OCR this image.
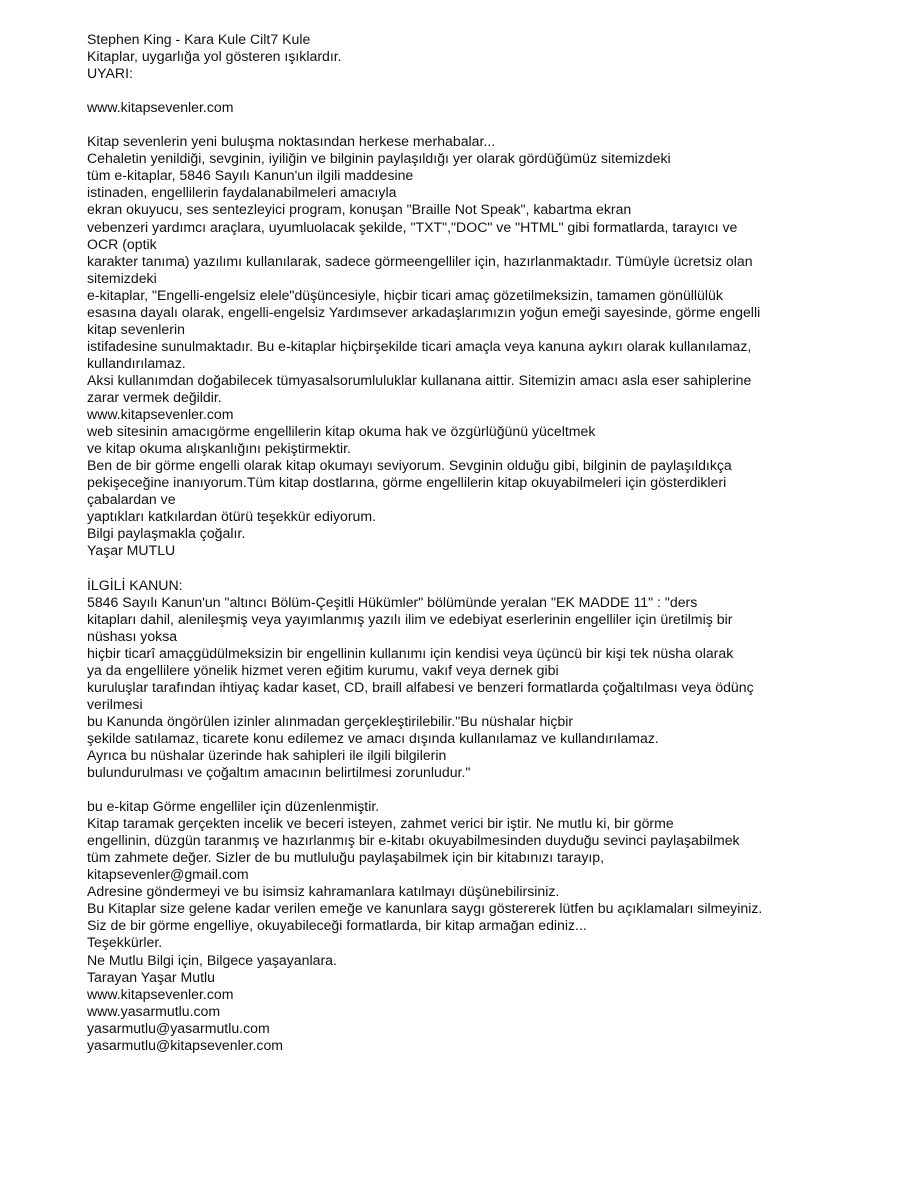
Stephen King - Kara Kule Cilt7 Kule
Kitaplar, uygarlığa yol gösteren ışıklardır.
UYARI:
www.kitapsevenler.com
Kitap sevenlerin yeni buluşma noktasından herkese merhabalar...
Cehaletin yenildiği, sevginin, iyiliğin ve bilginin paylaşıldığı yer olarak gördüğümüz sitemizdeki
tüm e-kitaplar, 5846 Sayılı Kanun'un ilgili maddesine
istinaden, engellilerin faydalanabilmeleri amacıyla
ekran okuyucu, ses sentezleyici program, konuşan "Braille Not Speak", kabartma ekran
vebenzeri yardımcı araçlara, uyumluolacak şekilde, "TXT","DOC" ve "HTML" gibi formatlarda, tarayıcı ve
OCR (optik
karakter tanıma) yazılımı kullanılarak, sadece görmeengelliler için, hazırlanmaktadır. Tümüyle ücretsiz olan
sitemizdeki
e-kitaplar, "Engelli-engelsiz elele"düşüncesiyle, hiçbir ticari amaç gözetilmeksizin, tamamen gönüllülük
esasına dayalı olarak, engelli-engelsiz Yardımsever arkadaşlarımızın yoğun emeği sayesinde, görme engelli
kitap sevenlerin
istifadesine sunulmaktadır. Bu e-kitaplar hiçbirşekilde ticari amaçla veya kanuna aykırı olarak kullanılamaz,
kullandırılamaz.
Aksi kullanımdan doğabilecek tümyasalsorumluluklar kullanana aittir. Sitemizin amacı asla eser sahiplerine
zarar vermek değildir.
www.kitapsevenler.com
web sitesinin amacıgörme engellilerin kitap okuma hak ve özgürlüğünü yüceltmek
ve kitap okuma alışkanlığını pekiştirmektir.
Ben de bir görme engelli olarak kitap okumayı seviyorum. Sevginin olduğu gibi, bilginin de paylaşıldıkça
pekişeceğine inanıyorum.Tüm kitap dostlarına, görme engellilerin kitap okuyabilmeleri için gösterdikleri
çabalardan ve
yaptıkları katkılardan ötürü teşekkür ediyorum.
Bilgi paylaşmakla çoğalır.
Yaşar MUTLU
İLGİLİ KANUN:
5846 Sayılı Kanun'un "altıncı Bölüm-Çeşitli Hükümler" bölümünde yeralan "EK MADDE 11" : "ders
kitapları dahil, alenileşmiş veya yayımlanmış yazılı ilim ve edebiyat eserlerinin engelliler için üretilmiş bir
nüshası yoksa
hiçbir ticarî amaçgüdülmeksizin bir engellinin kullanımı için kendisi veya üçüncü bir kişi tek nüsha olarak
ya da engellilere yönelik hizmet veren eğitim kurumu, vakıf veya dernek gibi
kuruluşlar tarafından ihtiyaç kadar kaset, CD, braill alfabesi ve benzeri formatlarda çoğaltılması veya ödünç
verilmesi
bu Kanunda öngörülen izinler alınmadan gerçekleştirilebilir."Bu nüshalar hiçbir
şekilde satılamaz, ticarete konu edilemez ve amacı dışında kullanılamaz ve kullandırılamaz.
Ayrıca bu nüshalar üzerinde hak sahipleri ile ilgili bilgilerin
bulundurulması ve çoğaltım amacının belirtilmesi zorunludur."
bu e-kitap Görme engelliler için düzenlenmiştir.
Kitap taramak gerçekten incelik ve beceri isteyen, zahmet verici bir iştir. Ne mutlu ki, bir görme
engellinin, düzgün taranmış ve hazırlanmış bir e-kitabı okuyabilmesinden duyduğu sevinci paylaşabilmek
tüm zahmete değer. Sizler de bu mutluluğu paylaşabilmek için bir kitabınızı tarayıp,
kitapsevenler@gmail.com
Adresine göndermeyi ve bu isimsiz kahramanlara katılmayı düşünebilirsiniz.
Bu Kitaplar size gelene kadar verilen emeğe ve kanunlara saygı göstererek lütfen bu açıklamaları silmeyiniz.
Siz de bir görme engelliye, okuyabileceği formatlarda, bir kitap armağan ediniz...
Teşekkürler.
Ne Mutlu Bilgi için, Bilgece yaşayanlara.
Tarayan Yaşar Mutlu
www.kitapsevenler.com
www.yasarmutlu.com
yasarmutlu@yasarmutlu.com
yasarmutlu@kitapsevenler.com
